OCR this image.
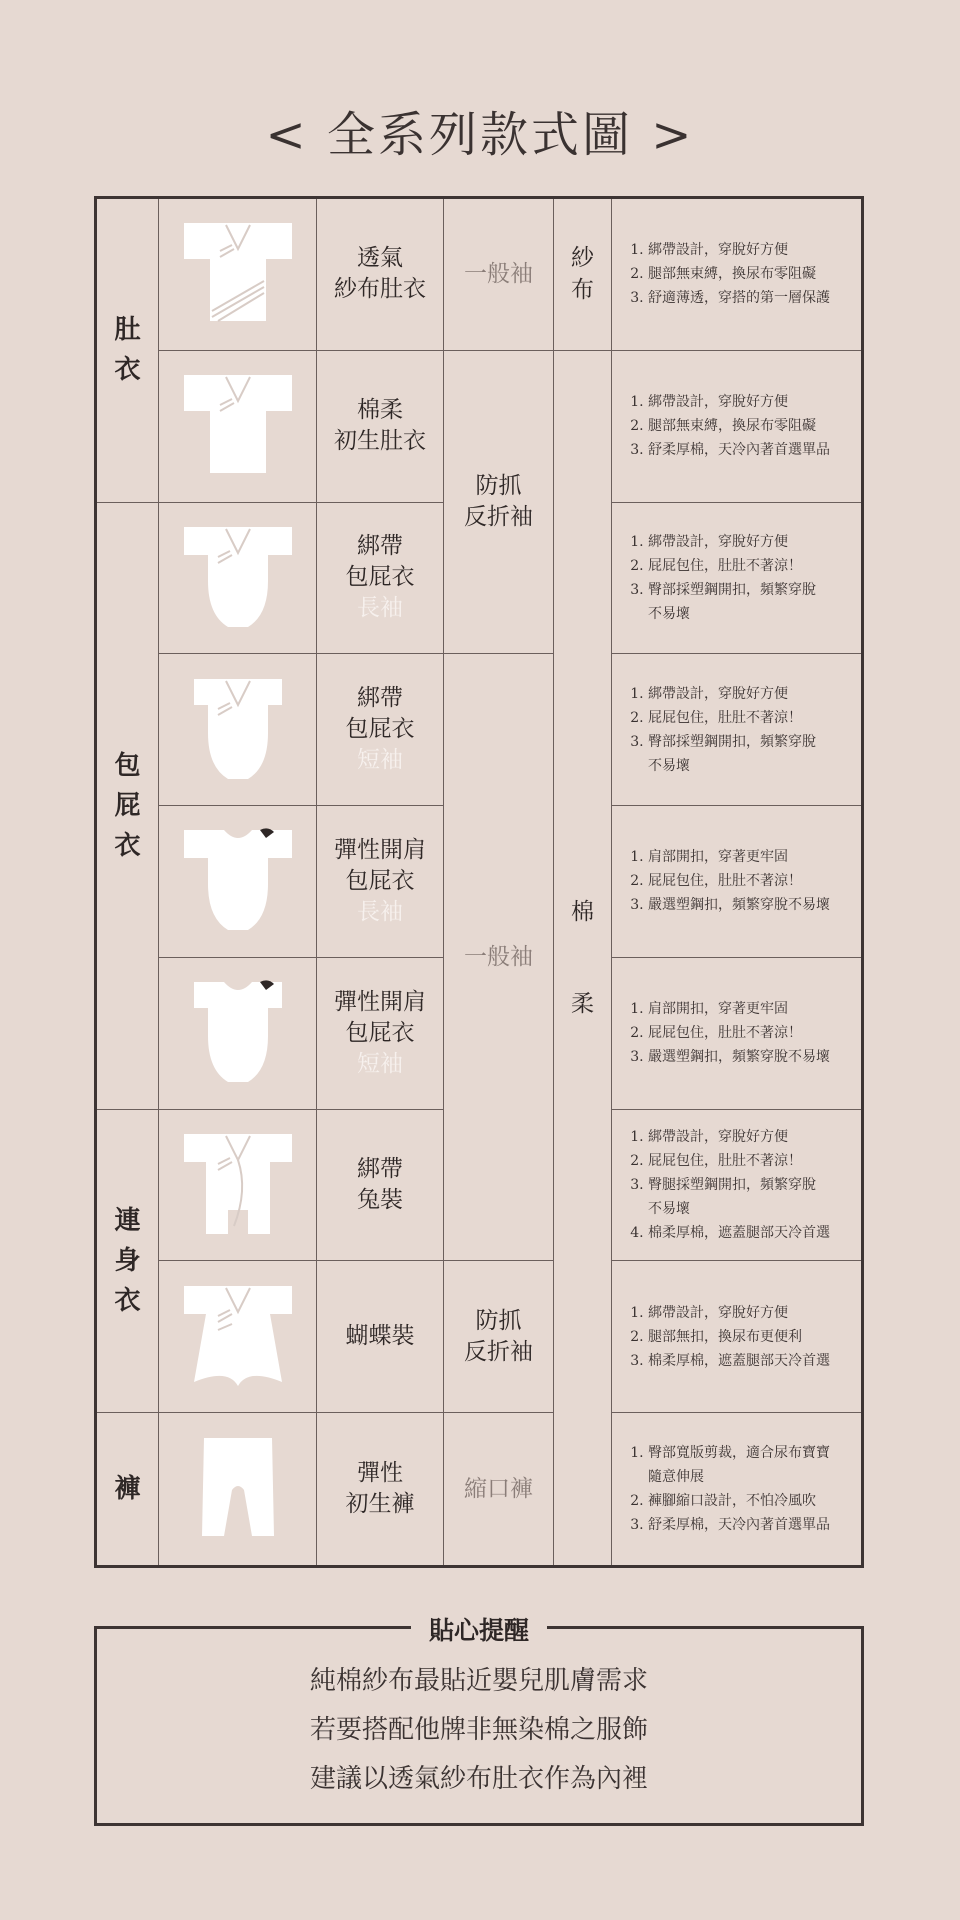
< 全系列款式圖 >
肚
衣
包
屁
衣
連
身
衣
褲
透氣
紗布肚衣
棉柔
初生肚衣
綁帶
包屁衣
長袖
綁帶
包屁衣
短袖
彈性開肩
包屁衣
長袖
彈性開肩
包屁衣
短袖
綁帶
兔裝
蝴蝶裝
彈性
初生褲
一般袖
防抓
反折袖
一般袖
防抓
反折袖
縮口褲
紗
布
棉
柔
1. 綁帶設計，穿脫好方便
2. 腿部無束縛，換尿布零阻礙
3. 舒適薄透，穿搭的第一層保護
1. 綁帶設計，穿脫好方便
2. 腿部無束縛，換尿布零阻礙
3. 舒柔厚棉，天冷內著首選單品
1. 綁帶設計，穿脫好方便
2. 屁屁包住，肚肚不著涼！
3. 臀部採塑鋼開扣，頻繁穿脫
不易壞
1. 綁帶設計，穿脫好方便
2. 屁屁包住，肚肚不著涼！
3. 臀部採塑鋼開扣，頻繁穿脫
不易壞
1. 肩部開扣，穿著更牢固
2. 屁屁包住，肚肚不著涼！
3. 嚴選塑鋼扣，頻繁穿脫不易壞
1. 肩部開扣，穿著更牢固
2. 屁屁包住，肚肚不著涼！
3. 嚴選塑鋼扣，頻繁穿脫不易壞
1. 綁帶設計，穿脫好方便
2. 屁屁包住，肚肚不著涼！
3. 臀腿採塑鋼開扣，頻繁穿脫
不易壞
4. 棉柔厚棉，遮蓋腿部天冷首選
1. 綁帶設計，穿脫好方便
2. 腿部無扣，換尿布更便利
3. 棉柔厚棉，遮蓋腿部天冷首選
1. 臀部寬版剪裁，適合尿布寶寶
隨意伸展
2. 褲腳縮口設計，不怕冷風吹
3. 舒柔厚棉，天冷內著首選單品
貼心提醒
純棉紗布最貼近嬰兒肌膚需求
若要搭配他牌非無染棉之服飾
建議以透氣紗布肚衣作為內裡
